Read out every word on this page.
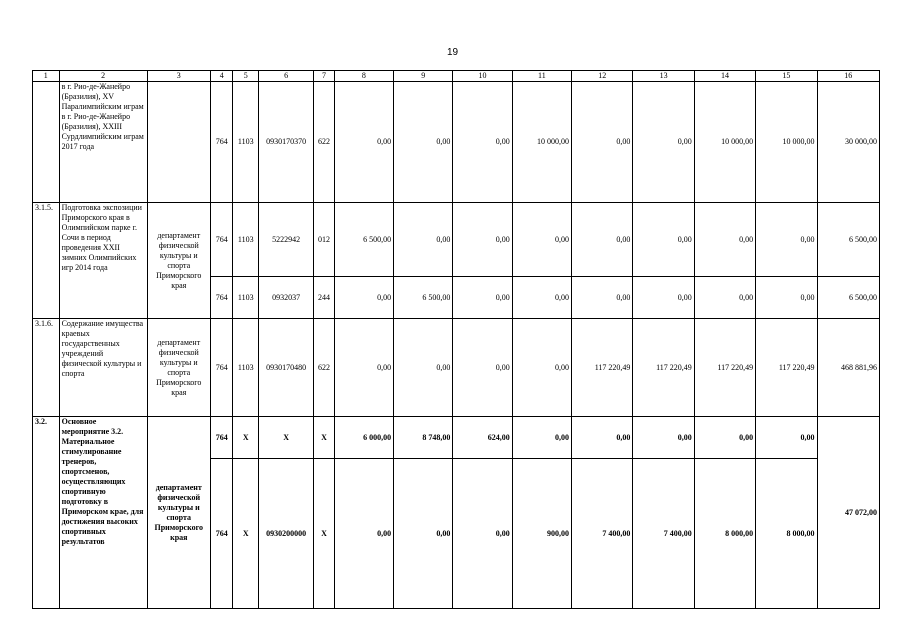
19
1	2	3	4	5	6	7	8	9	10	11	12	13	14	15	16
	в г. Рио-де-Жанейро (Бразилия), XV Паралимпийским играм в г. Рио-де-Жанейро (Бразилия), XXIII Сурдлимпийским играм 2017 года		764	1103	0930170370	622	0,00	0,00	0,00	10 000,00	0,00	0,00	10 000,00	10 000,00	30 000,00
3.1.5.	Подготовка экспозиции Приморского края в Олимпийском парке г. Сочи в период проведения XXII зимних Олимпийских игр 2014 года	департамент физической культуры и спорта Приморского края	764	1103	5222942	012	6 500,00	0,00	0,00	0,00	0,00	0,00	0,00	0,00	6 500,00
			764	1103	0932037	244	0,00	6 500,00	0,00	0,00	0,00	0,00	0,00	0,00	6 500,00
3.1.6.	Содержание имущества краевых государственных учреждений физической культуры и спорта	департамент физической культуры и спорта Приморского края	764	1103	0930170480	622	0,00	0,00	0,00	0,00	117 220,49	117 220,49	117 220,49	117 220,49	468 881,96
3.2.	Основное мероприятие 3.2. Материальное стимулирование тренеров, спортсменов, осуществляющих спортивную подготовку в Приморском крае, для достижения высоких спортивных результатов	департамент физической культуры и спорта Приморского края	764	X	X	X	6 000,00	8 748,00	624,00	0,00	0,00	0,00	0,00	0,00	47 072,00
			764	X	0930200000	X	0,00	0,00	0,00	900,00	7 400,00	7 400,00	8 000,00	8 000,00	
